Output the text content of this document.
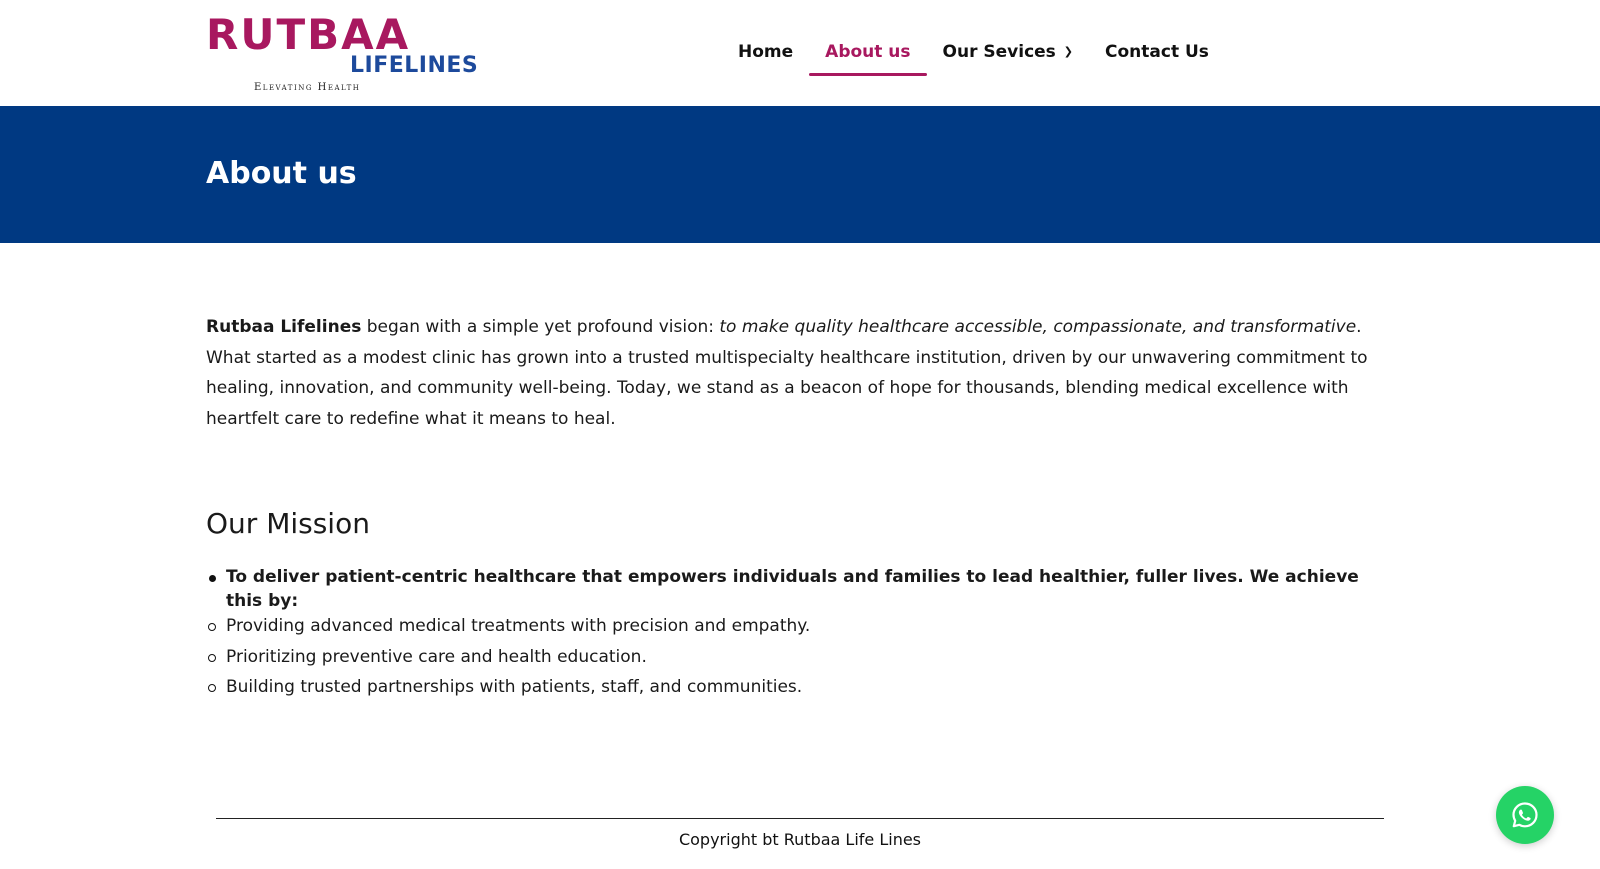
RUTBAA
LIFELINES
Elevating Health
Home	About us	Our Sevices ❯	Contact Us
About us

Rutbaa Lifelines began with a simple yet profound vision: to make quality healthcare accessible, compassionate, and transformative. What started as a modest clinic has grown into a trusted multispecialty healthcare institution, driven by our unwavering commitment to healing, innovation, and community well-being. Today, we stand as a beacon of hope for thousands, blending medical excellence with heartfelt care to redefine what it means to heal.

Our Mission
To deliver patient-centric healthcare that empowers individuals and families to lead healthier, fuller lives. We achieve this by:
Providing advanced medical treatments with precision and empathy.
Prioritizing preventive care and health education.
Building trusted partnerships with patients, staff, and communities.
Copyright bt Rutbaa Life Lines
